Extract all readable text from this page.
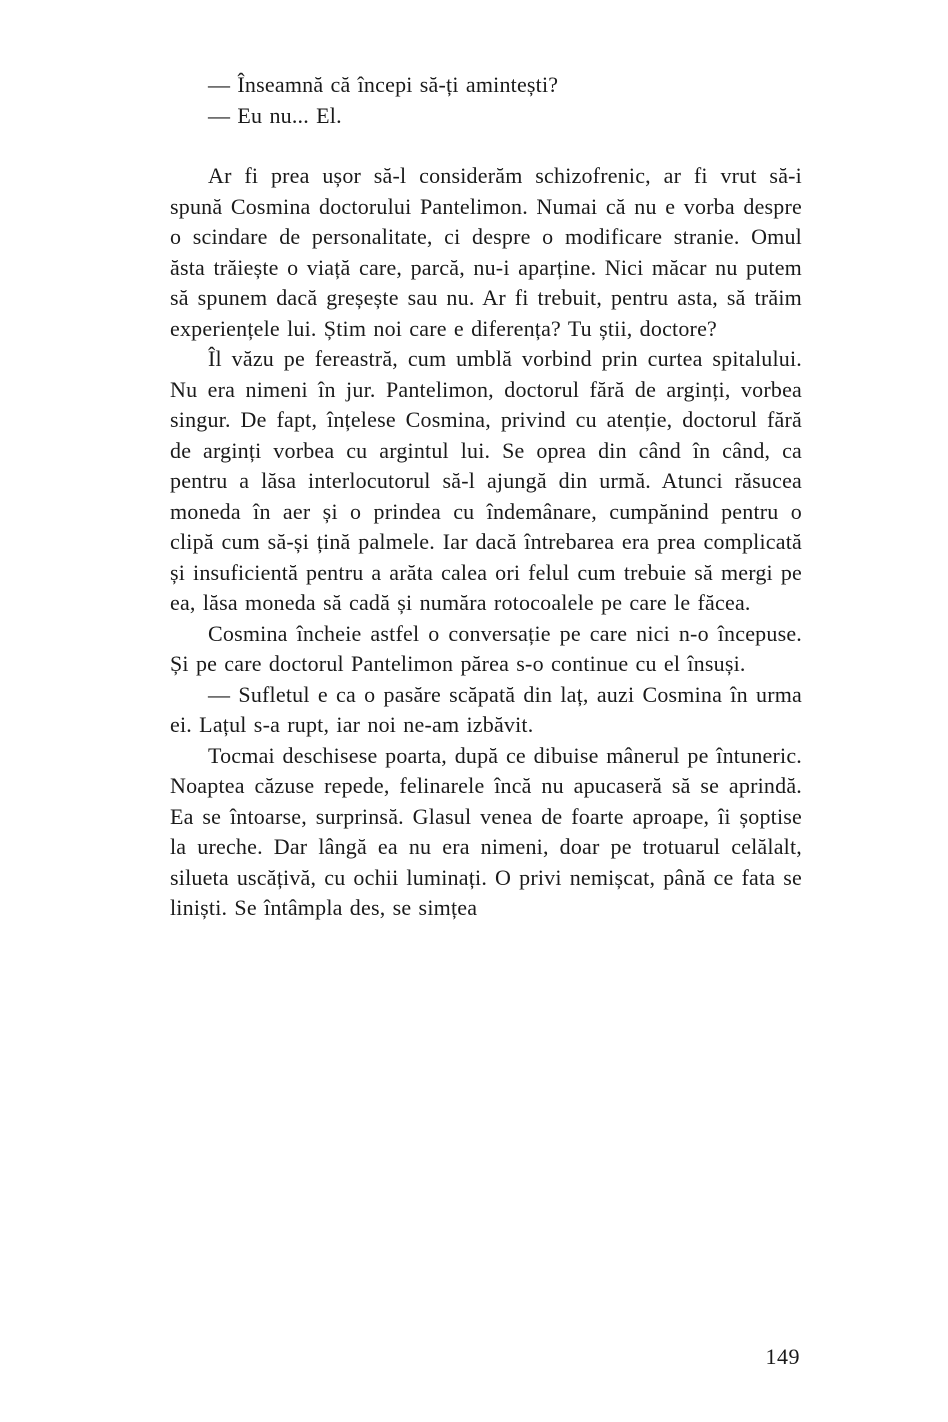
— Înseamnă că începi să-ți amintești?

— Eu nu... El.

Ar fi prea ușor să-l considerăm schizofrenic, ar fi vrut să-i spună Cosmina doctorului Pantelimon. Numai că nu e vorba despre o scindare de personalitate, ci despre o modificare stranie. Omul ăsta trăiește o viață care, parcă, nu-i aparține. Nici măcar nu putem să spunem dacă greșește sau nu. Ar fi trebuit, pentru asta, să trăim experiențele lui. Știm noi care e diferența? Tu știi, doctore?

Îl văzu pe fereastră, cum umblă vorbind prin curtea spitalului. Nu era nimeni în jur. Pantelimon, doctorul fără de arginți, vorbea singur. De fapt, înțelese Cosmina, privind cu atenție, doctorul fără de arginți vorbea cu argintul lui. Se oprea din când în când, ca pentru a lăsa interlocutorul să-l ajungă din urmă. Atunci răsucea moneda în aer și o prindea cu îndemânare, cumpănind pentru o clipă cum să-și țină palmele. Iar dacă întrebarea era prea complicată și insuficientă pentru a arăta calea ori felul cum trebuie să mergi pe ea, lăsa moneda să cadă și număra rotocoalele pe care le făcea.

Cosmina încheie astfel o conversație pe care nici n-o începuse. Și pe care doctorul Pantelimon părea s-o continue cu el însuși.

— Sufletul e ca o pasăre scăpată din laț, auzi Cosmina în urma ei. Lațul s-a rupt, iar noi ne-am izbăvit.

Tocmai deschisese poarta, după ce dibuise mânerul pe întuneric. Noaptea căzuse repede, felinarele încă nu apucaseră să se aprindă. Ea se întoarse, surprinsă. Glasul venea de foarte aproape, îi șoptise la ureche. Dar lângă ea nu era nimeni, doar pe trotuarul celălalt, silueta uscățivă, cu ochii luminați. O privi nemișcat, până ce fata se liniști. Se întâmpla des, se simțea

149
